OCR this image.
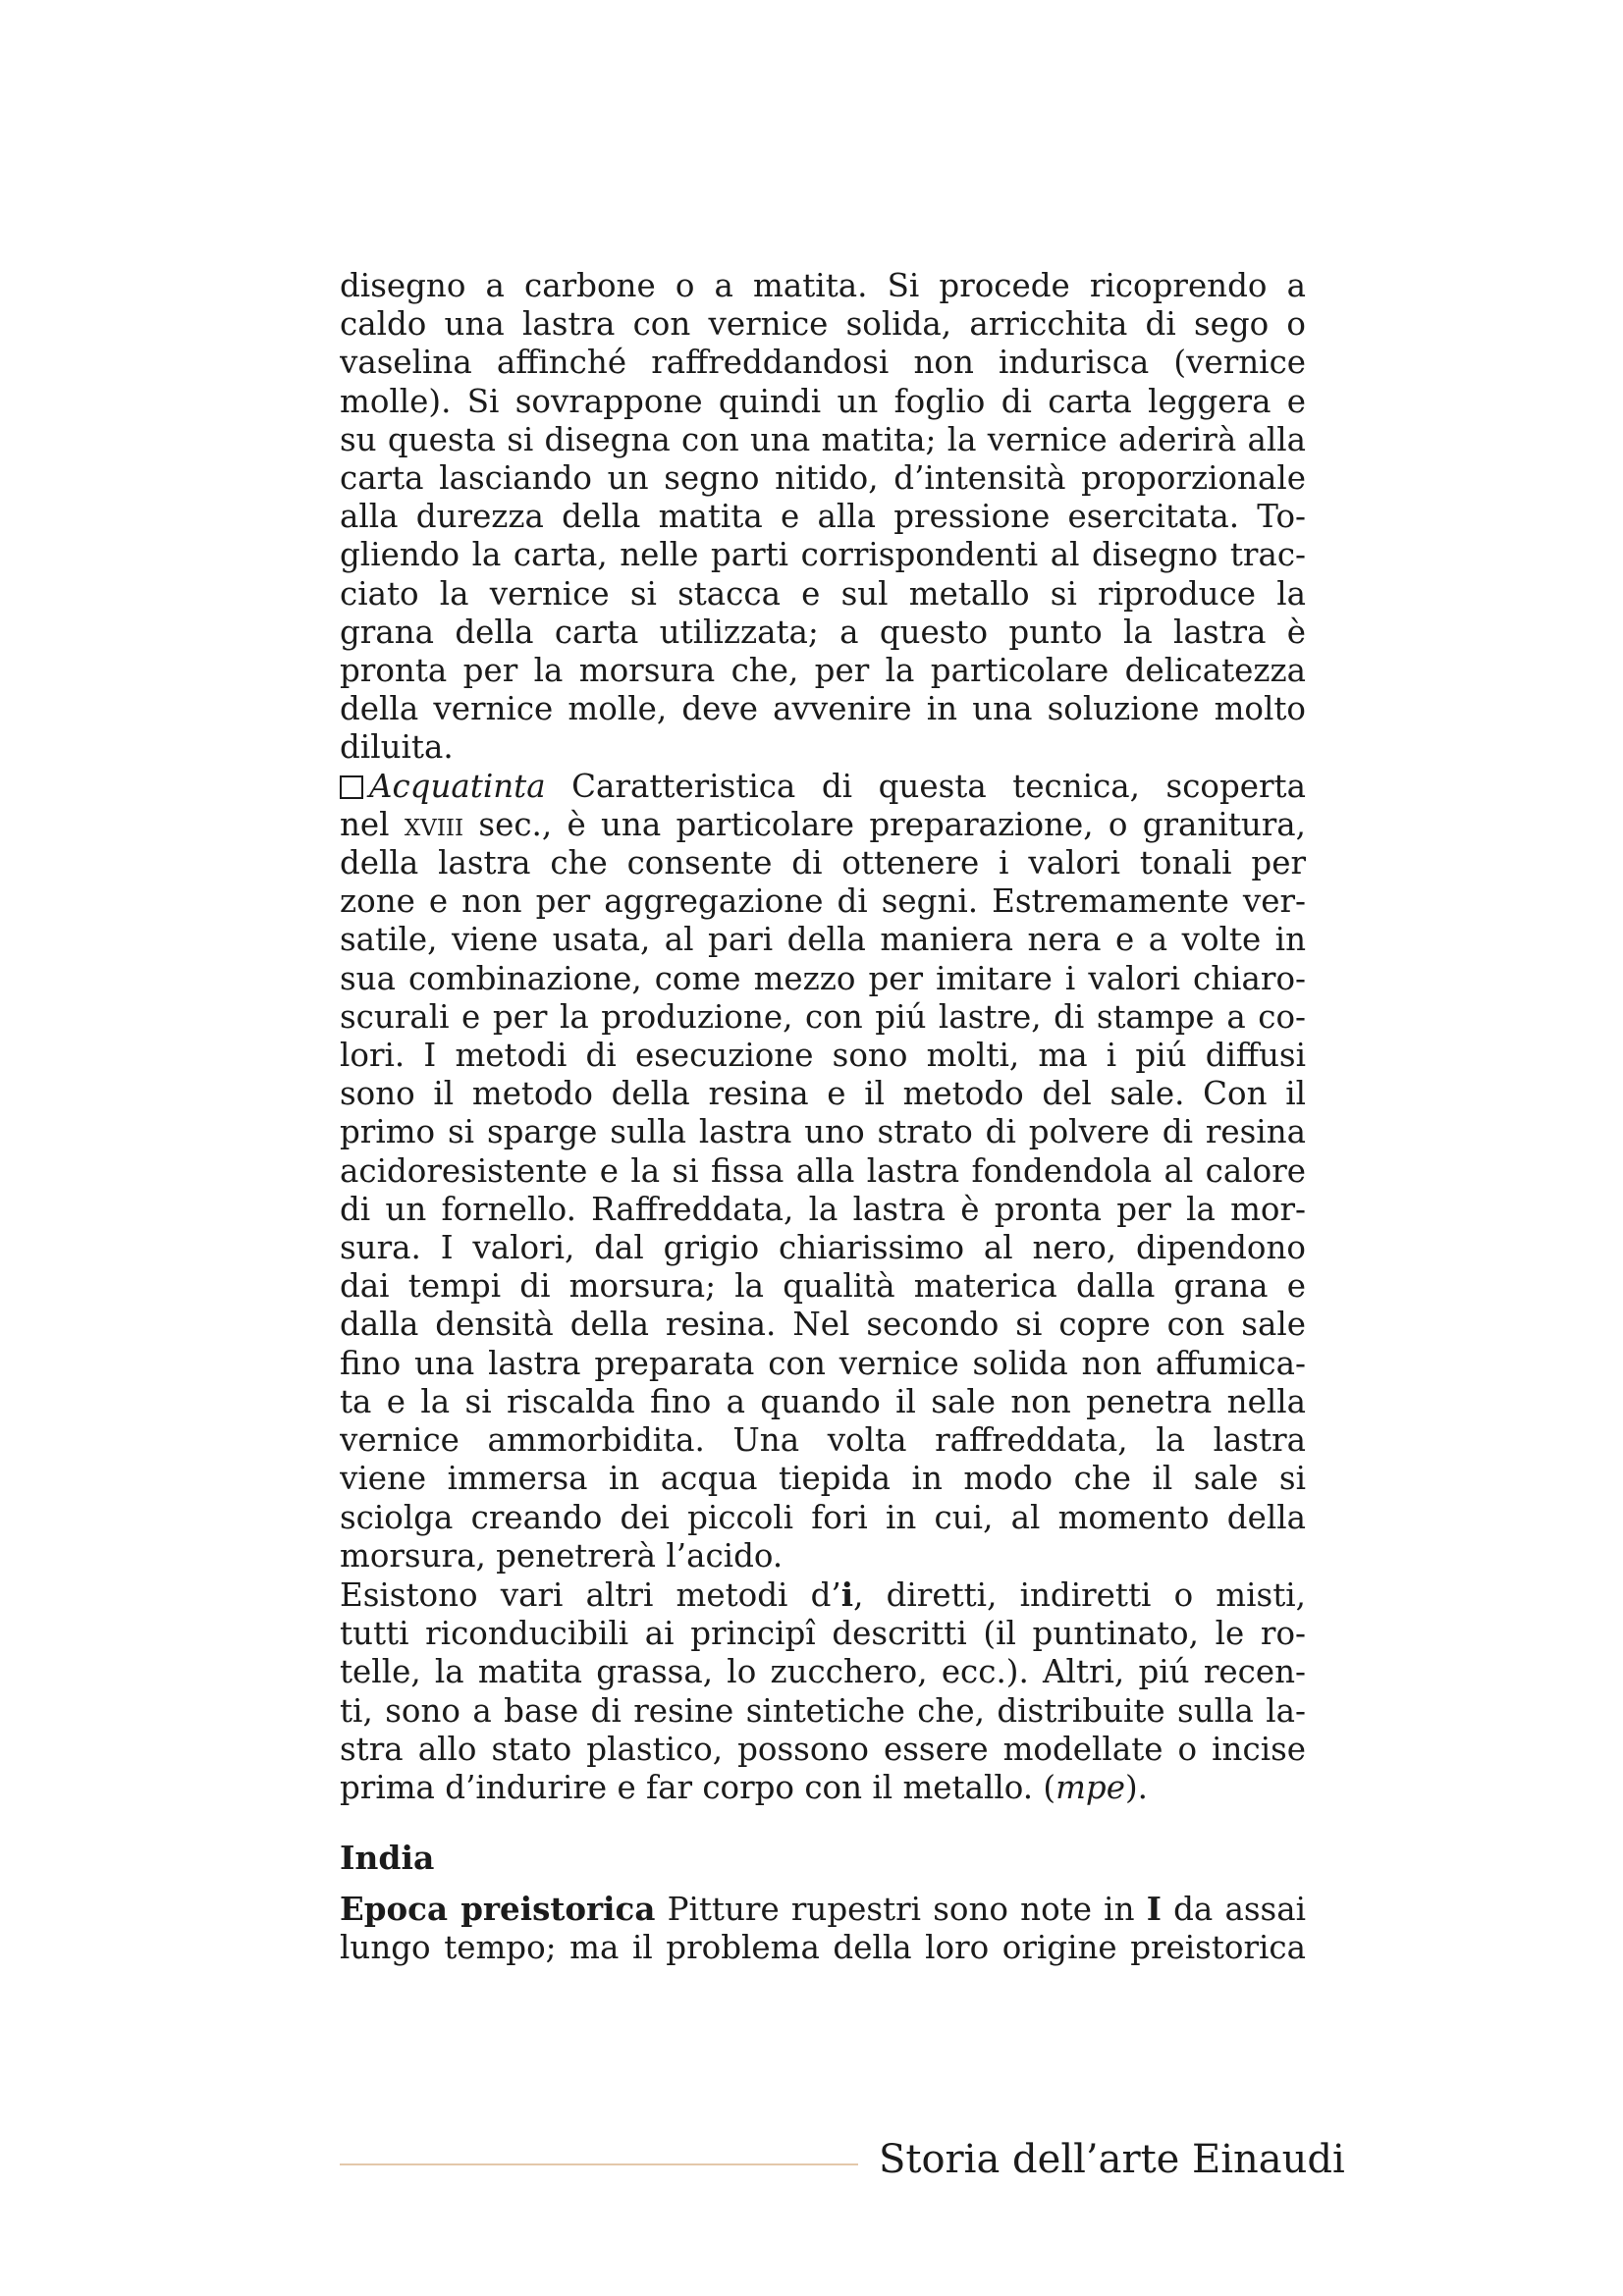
disegno a carbone o a matita. Si procede ricoprendo a
caldo una lastra con vernice solida, arricchita di sego o
vaselina affinché raffreddandosi non indurisca (vernice
molle). Si sovrappone quindi un foglio di carta leggera e
su questa si disegna con una matita; la vernice aderirà alla
carta lasciando un segno nitido, d’intensità proporzionale
alla durezza della matita e alla pressione esercitata. To-
gliendo la carta, nelle parti corrispondenti al disegno trac-
ciato la vernice si stacca e sul metallo si riproduce la
grana della carta utilizzata; a questo punto la lastra è
pronta per la morsura che, per la particolare delicatezza
della vernice molle, deve avvenire in una soluzione molto
diluita.
Acquatinta Caratteristica di questa tecnica, scoperta
nel xviii sec., è una particolare preparazione, o granitura,
della lastra che consente di ottenere i valori tonali per
zone e non per aggregazione di segni. Estremamente ver-
satile, viene usata, al pari della maniera nera e a volte in
sua combinazione, come mezzo per imitare i valori chiaro-
scurali e per la produzione, con piú lastre, di stampe a co-
lori. I metodi di esecuzione sono molti, ma i piú diffusi
sono il metodo della resina e il metodo del sale. Con il
primo si sparge sulla lastra uno strato di polvere di resina
acidoresistente e la si fissa alla lastra fondendola al calore
di un fornello. Raffreddata, la lastra è pronta per la mor-
sura. I valori, dal grigio chiarissimo al nero, dipendono
dai tempi di morsura; la qualità materica dalla grana e
dalla densità della resina. Nel secondo si copre con sale
fino una lastra preparata con vernice solida non affumica-
ta e la si riscalda fino a quando il sale non penetra nella
vernice ammorbidita. Una volta raffreddata, la lastra
viene immersa in acqua tiepida in modo che il sale si
sciolga creando dei piccoli fori in cui, al momento della
morsura, penetrerà l’acido.
Esistono vari altri metodi d’i, diretti, indiretti o misti,
tutti riconducibili ai principî descritti (il puntinato, le ro-
telle, la matita grassa, lo zucchero, ecc.). Altri, piú recen-
ti, sono a base di resine sintetiche che, distribuite sulla la-
stra allo stato plastico, possono essere modellate o incise
prima d’indurire e far corpo con il metallo. (mpe).
India
Epoca preistorica Pitture rupestri sono note in I da assai
lungo tempo; ma il problema della loro origine preistorica
Storia dell’arte Einaudi
